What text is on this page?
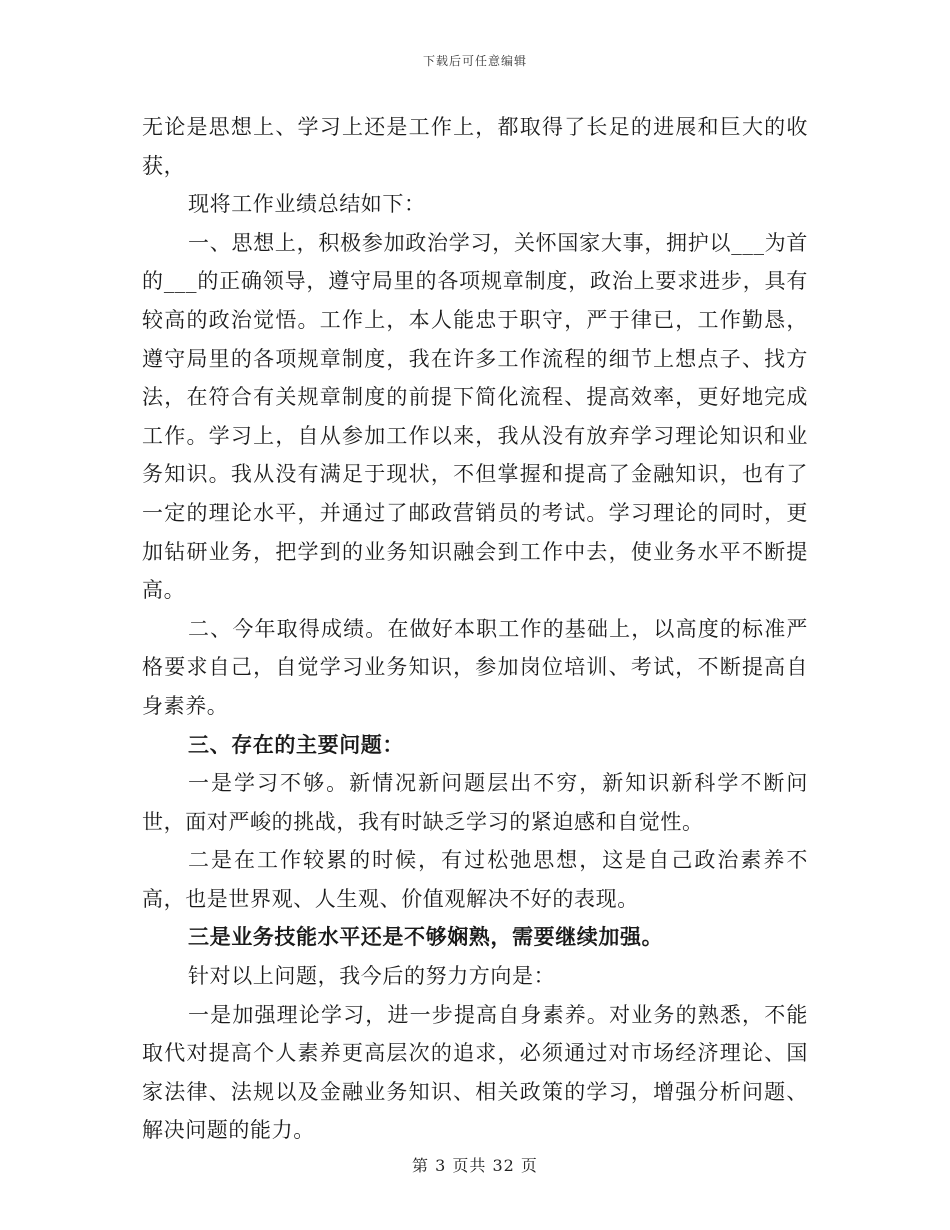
下载后可任意编辑

无论是思想上、学习上还是工作上，都取得了长足的进展和巨大的收获，

现将工作业绩总结如下：

一、思想上，积极参加政治学习，关怀国家大事，拥护以___为首的___的正确领导，遵守局里的各项规章制度，政治上要求进步，具有较高的政治觉悟。工作上，本人能忠于职守，严于律已，工作勤恳，遵守局里的各项规章制度，我在许多工作流程的细节上想点子、找方法，在符合有关规章制度的前提下简化流程、提高效率，更好地完成工作。学习上，自从参加工作以来，我从没有放弃学习理论知识和业务知识。我从没有满足于现状，不但掌握和提高了金融知识，也有了一定的理论水平，并通过了邮政营销员的考试。学习理论的同时，更加钻研业务，把学到的业务知识融会到工作中去，使业务水平不断提高。

二、今年取得成绩。在做好本职工作的基础上，以高度的标准严格要求自己，自觉学习业务知识，参加岗位培训、考试，不断提高自身素养。

三、存在的主要问题：

一是学习不够。新情况新问题层出不穷，新知识新科学不断问世，面对严峻的挑战，我有时缺乏学习的紧迫感和自觉性。

二是在工作较累的时候，有过松弛思想，这是自己政治素养不高，也是世界观、人生观、价值观解决不好的表现。

三是业务技能水平还是不够娴熟，需要继续加强。

针对以上问题，我今后的努力方向是：

一是加强理论学习，进一步提高自身素养。对业务的熟悉，不能取代对提高个人素养更高层次的追求，必须通过对市场经济理论、国家法律、法规以及金融业务知识、相关政策的学习，增强分析问题、解决问题的能力。

第 3 页共 32 页
